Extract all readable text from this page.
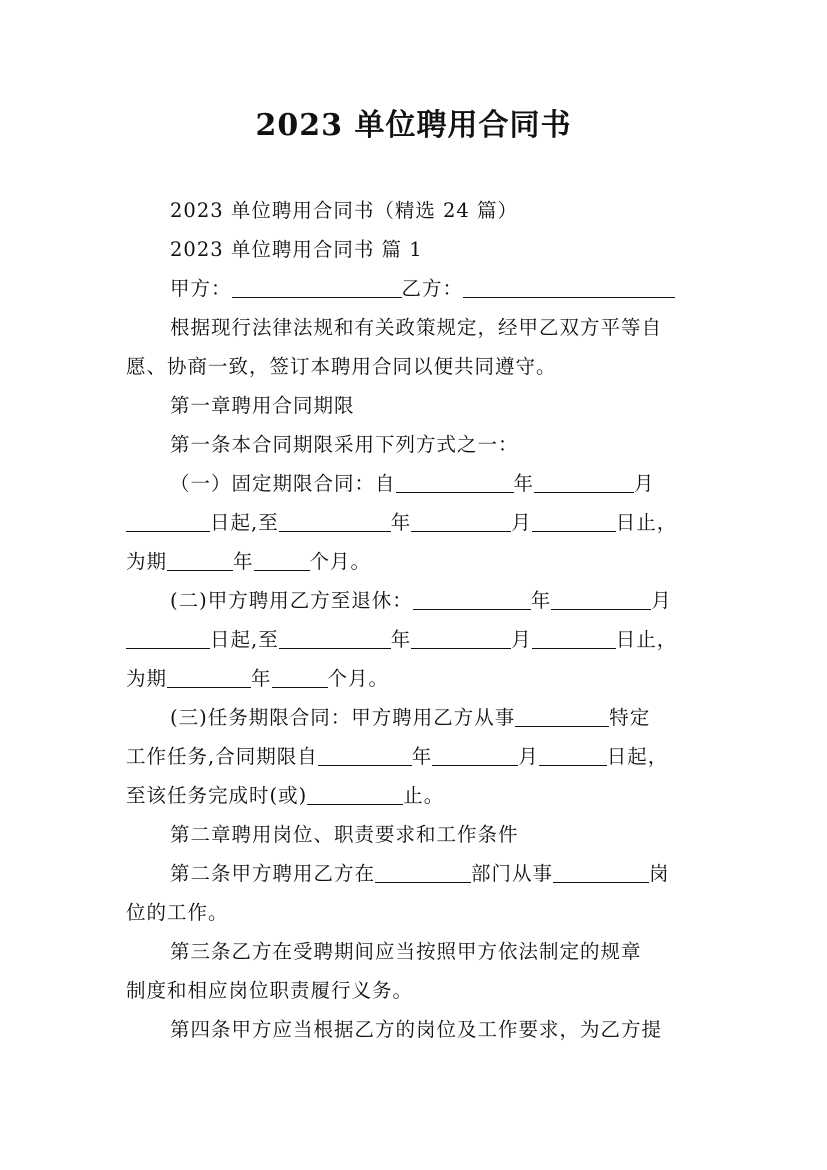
2023 单位聘用合同书
2023 单位聘用合同书（精选 24 篇）
2023 单位聘用合同书 篇 1
甲方：	乙方：
根据现行法律法规和有关政策规定，经甲乙双方平等自
愿、协商一致，签订本聘用合同以便共同遵守。
第一章聘用合同期限
第一条本合同期限采用下列方式之一：
（一）固定期限合同：自	年	月
日起,至	年	月	日止，
为期	年	个月。
(二)甲方聘用乙方至退休：	年	月
日起,至	年	月	日止，
为期	年	个月。
(三)任务期限合同：甲方聘用乙方从事	特定
工作任务,合同期限自	年	月	日起，
至该任务完成时(或)	止。
第二章聘用岗位、职责要求和工作条件
第二条甲方聘用乙方在	部门从事	岗
位的工作。
第三条乙方在受聘期间应当按照甲方依法制定的规章
制度和相应岗位职责履行义务。
第四条甲方应当根据乙方的岗位及工作要求，为乙方提
